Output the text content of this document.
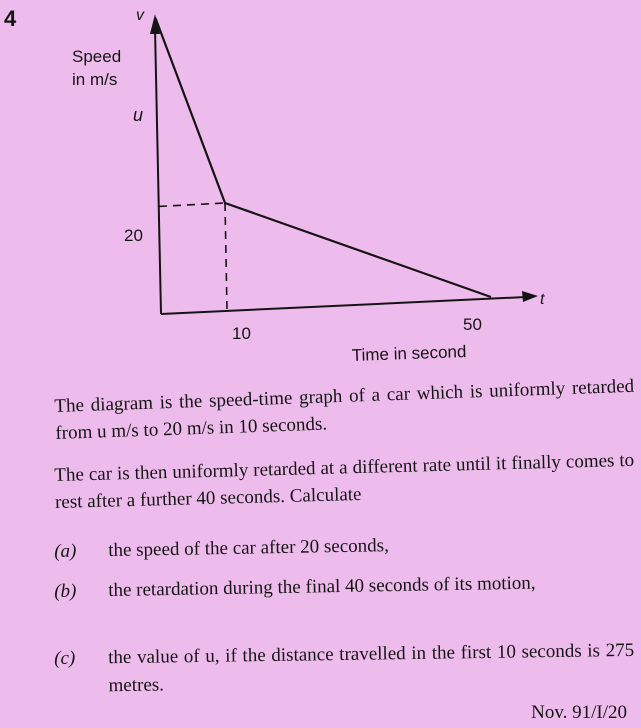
4	v
Speed
in m/s
u
20
10	50
t
Time in second

The diagram is the speed-time graph of a car which is uniformly retarded from u m/s to 20 m/s in 10 seconds.

The car is then uniformly retarded at a different rate until it finally comes to rest after a further 40 seconds. Calculate

(a) the speed of the car after 20 seconds,
(b) the retardation during the final 40 seconds of its motion,
(c) the value of u, if the distance travelled in the first 10 seconds is 275 metres.
Nov. 91/I/20
